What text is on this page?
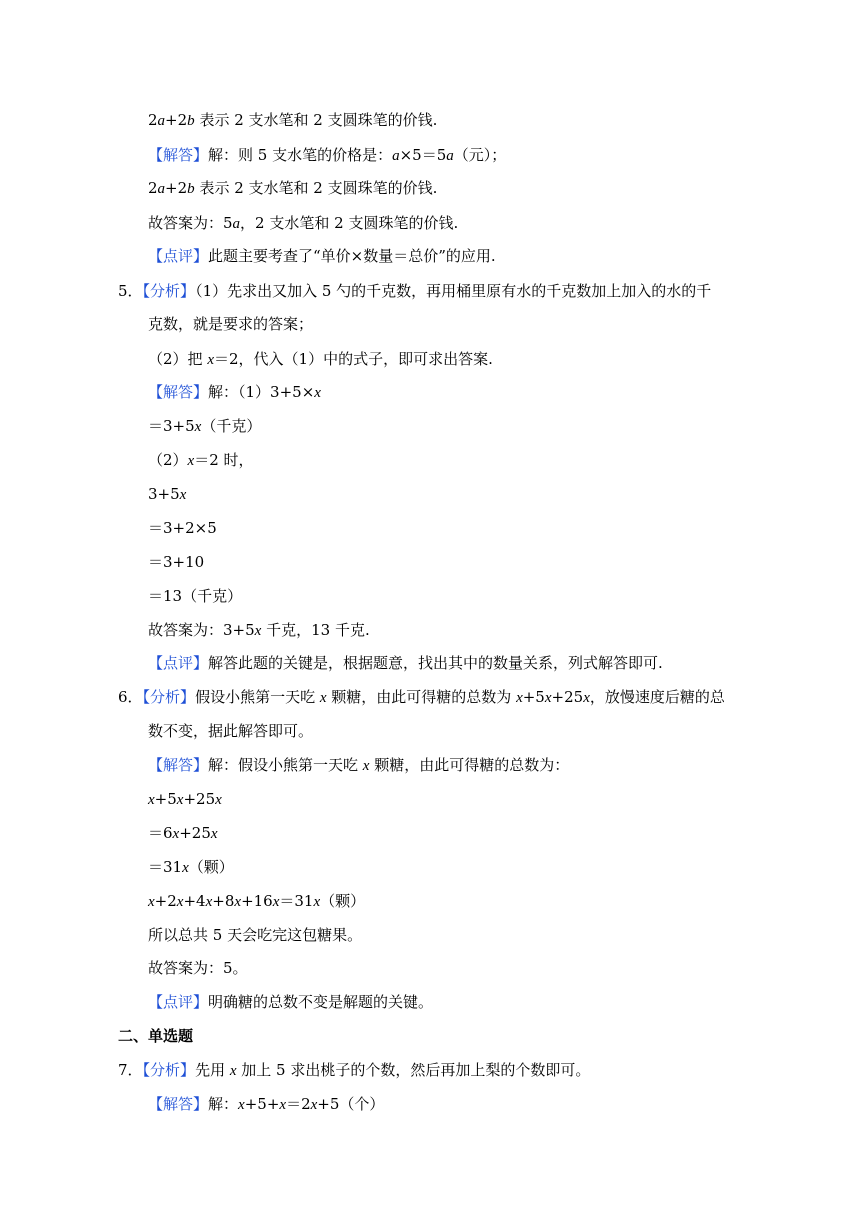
2a+2b 表示 2 支水笔和 2 支圆珠笔的价钱.
【解答】解：则 5 支水笔的价格是：a×5＝5a（元）；
2a+2b 表示 2 支水笔和 2 支圆珠笔的价钱.
故答案为：5a，2 支水笔和 2 支圆珠笔的价钱.
【点评】此题主要考查了“单价×数量＝总价”的应用.
5．【分析】（1）先求出又加入 5 勺的千克数，再用桶里原有水的千克数加上加入的水的千
克数，就是要求的答案；
（2）把 x＝2，代入（1）中的式子，即可求出答案.
【解答】解：（1）3+5×x
＝3+5x（千克）
（2）x＝2 时，
3+5x
＝3+2×5
＝3+10
＝13（千克）
故答案为：3+5x 千克，13 千克.
【点评】解答此题的关键是，根据题意，找出其中的数量关系，列式解答即可.
6．【分析】假设小熊第一天吃 x 颗糖，由此可得糖的总数为 x+5x+25x，放慢速度后糖的总
数不变，据此解答即可。
【解答】解：假设小熊第一天吃 x 颗糖，由此可得糖的总数为：
x+5x+25x
＝6x+25x
＝31x（颗）
x+2x+4x+8x+16x＝31x（颗）
所以总共 5 天会吃完这包糖果。
故答案为：5。
【点评】明确糖的总数不变是解题的关键。
二、单选题
7．【分析】先用 x 加上 5 求出桃子的个数，然后再加上梨的个数即可。
【解答】解：x+5+x＝2x+5（个）
